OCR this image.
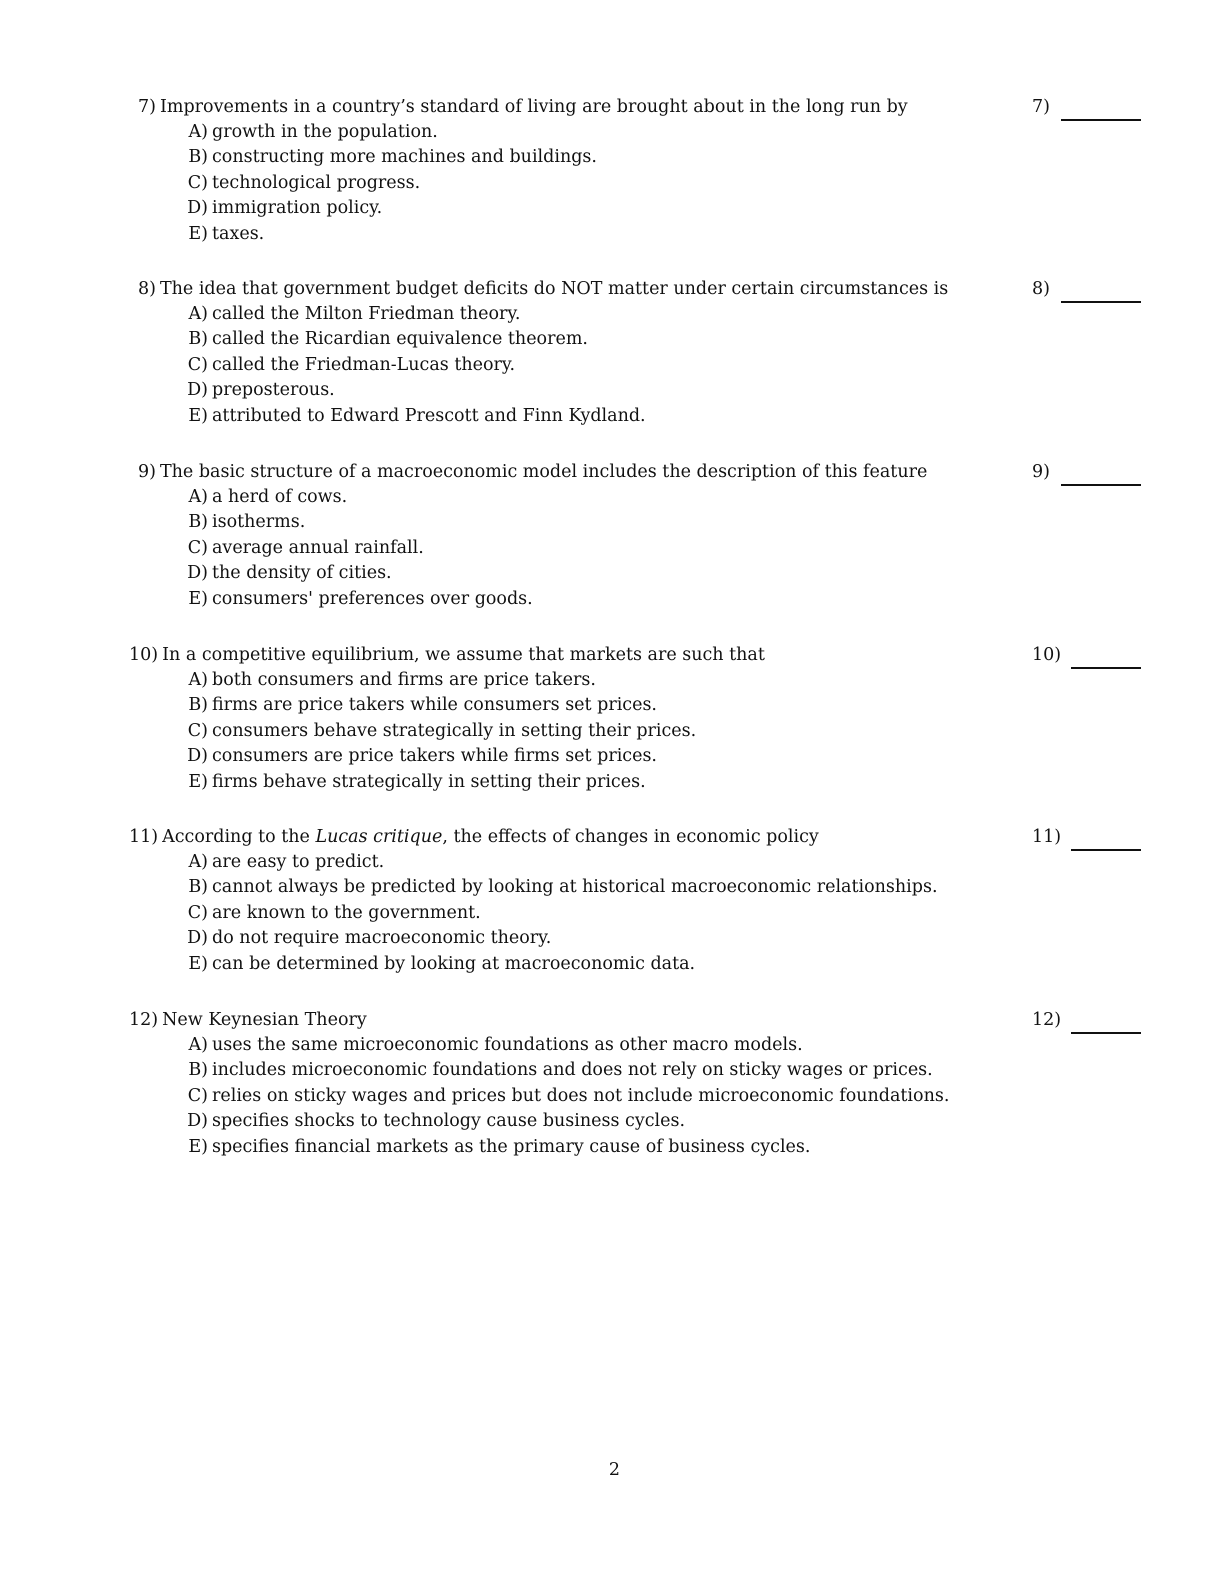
7) Improvements in a country’s standard of living are brought about in the long run by
A) growth in the population.
B) constructing more machines and buildings.
C) technological progress.
D) immigration policy.
E) taxes.
7)
8) The idea that government budget deficits do NOT matter under certain circumstances is
A) called the Milton Friedman theory.
B) called the Ricardian equivalence theorem.
C) called the Friedman-Lucas theory.
D) preposterous.
E) attributed to Edward Prescott and Finn Kydland.
8)
9) The basic structure of a macroeconomic model includes the description of this feature
A) a herd of cows.
B) isotherms.
C) average annual rainfall.
D) the density of cities.
E) consumers' preferences over goods.
9)
10) In a competitive equilibrium, we assume that markets are such that
A) both consumers and firms are price takers.
B) firms are price takers while consumers set prices.
C) consumers behave strategically in setting their prices.
D) consumers are price takers while firms set prices.
E) firms behave strategically in setting their prices.
10)
11) According to the Lucas critique, the effects of changes in economic policy
A) are easy to predict.
B) cannot always be predicted by looking at historical macroeconomic relationships.
C) are known to the government.
D) do not require macroeconomic theory.
E) can be determined by looking at macroeconomic data.
11)
12) New Keynesian Theory
A) uses the same microeconomic foundations as other macro models.
B) includes microeconomic foundations and does not rely on sticky wages or prices.
C) relies on sticky wages and prices but does not include microeconomic foundations.
D) specifies shocks to technology cause business cycles.
E) specifies financial markets as the primary cause of business cycles.
12)
2
